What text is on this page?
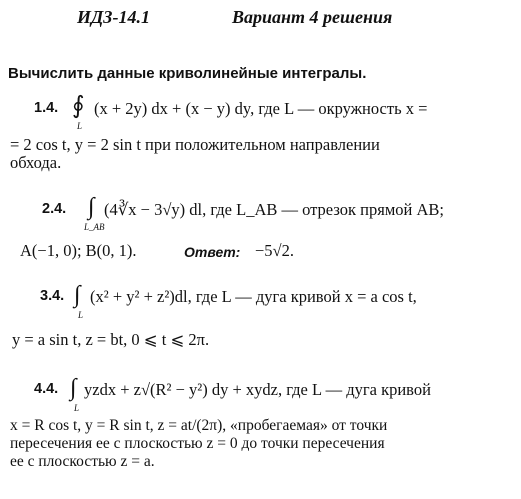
ИДЗ-14.1	Вариант 4 решения
Вычислить данные криволинейные интегралы.
1.4. ∮
L
(x + 2y) dx + (x − y) dy, где L — окружность x =
= 2 cos t, y = 2 sin t при положительном направлении
обхода.
2.4. ∫
L_AB
(4∛x − 3√y) dl, где L_AB — отрезок прямой AB;
A(−1, 0); B(0, 1).	Ответ: −5√2.
3.4. ∫
L
(x² + y² + z²)dl, где L — дуга кривой x = a cos t,
y = a sin t, z = bt, 0 ⩽ t ⩽ 2π.
4.4. ∫
L
yzdx + z√(R² − y²) dy + xydz, где L — дуга кривой
x = R cos t, y = R sin t, z = at/(2π), «пробегаемая» от точки
пересечения ее с плоскостью z = 0 до точки пересечения
ее с плоскостью z = a.
